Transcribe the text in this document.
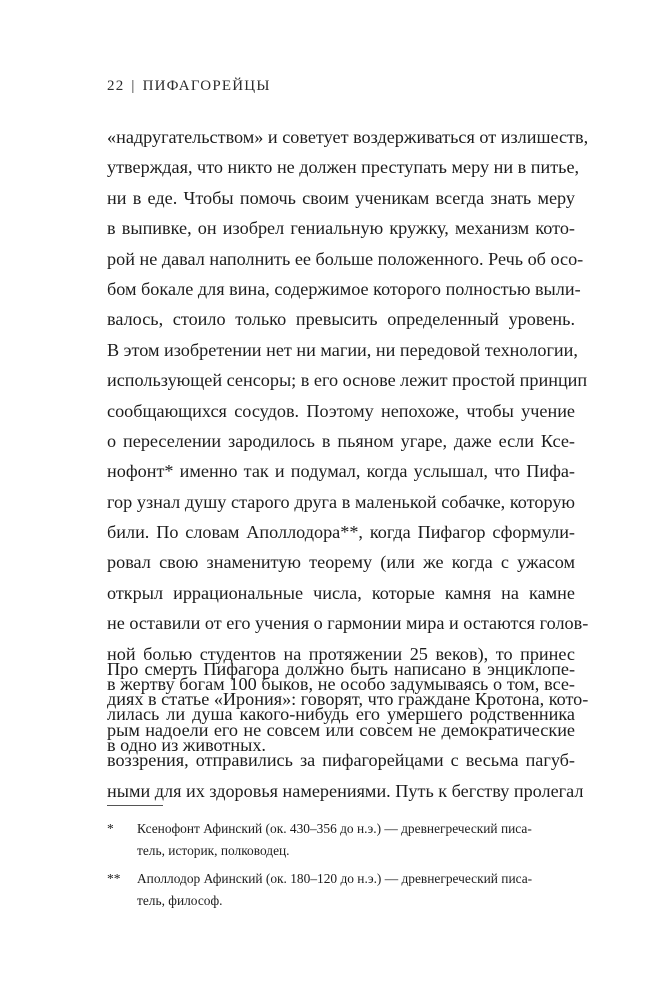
22 | ПИФАГОРЕЙЦЫ
«надругательством» и советует воздерживаться от излишеств,
утверждая, что никто не должен преступать меру ни в питье,
ни в еде. Чтобы помочь своим ученикам всегда знать меру
в выпивке, он изобрел гениальную кружку, механизм кото-
рой не давал наполнить ее больше положенного. Речь об осо-
бом бокале для вина, содержимое которого полностью выли-
валось, стоило только превысить определенный уровень.
В этом изобретении нет ни магии, ни передовой технологии,
использующей сенсоры; в его основе лежит простой принцип
сообщающихся сосудов. Поэтому непохоже, чтобы учение
о переселении зародилось в пьяном угаре, даже если Ксе-
нофонт* именно так и подумал, когда услышал, что Пифа-
гор узнал душу старого друга в маленькой собачке, которую
били. По словам Аполлодора**, когда Пифагор сформули-
ровал свою знаменитую теорему (или же когда с ужасом
открыл иррациональные числа, которые камня на камне
не оставили от его учения о гармонии мира и остаются голов-
ной болью студентов на протяжении 25 веков), то принес
в жертву богам 100 быков, не особо задумываясь о том, все-
лилась ли душа какого-нибудь его умершего родственника
в одно из животных.
Про смерть Пифагора должно быть написано в энциклопе-
диях в статье «Ирония»: говорят, что граждане Кротона, кото-
рым надоели его не совсем или совсем не демократические
воззрения, отправились за пифагорейцами с весьма пагуб-
ными для их здоровья намерениями. Путь к бегству пролегал
*	Ксенофонт Афинский (ок. 430–356 до н.э.) — древнегреческий писа-
тель, историк, полководец.
**	Аполлодор Афинский (ок. 180–120 до н.э.) — древнегреческий писа-
тель, философ.
